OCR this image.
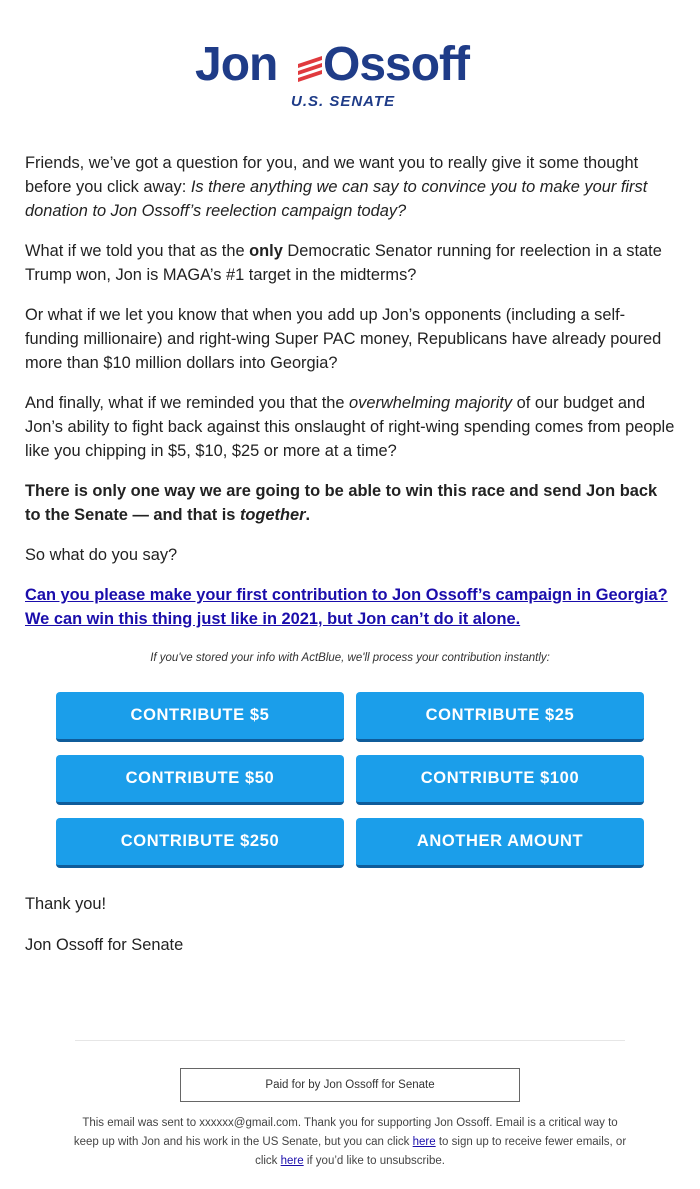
Jon Ossoff
U.S. SENATE

Friends, we’ve got a question for you, and we want you to really give it some thought before you click away: Is there anything we can say to convince you to make your first donation to Jon Ossoff’s reelection campaign today?

What if we told you that as the only Democratic Senator running for reelection in a state Trump won, Jon is MAGA’s #1 target in the midterms?

Or what if we let you know that when you add up Jon’s opponents (including a self-funding millionaire) and right-wing Super PAC money, Republicans have already poured more than $10 million dollars into Georgia?

And finally, what if we reminded you that the overwhelming majority of our budget and Jon’s ability to fight back against this onslaught of right-wing spending comes from people like you chipping in $5, $10, $25 or more at a time?

There is only one way we are going to be able to win this race and send Jon back to the Senate — and that is together.

So what do you say?

Can you please make your first contribution to Jon Ossoff’s campaign in Georgia? We can win this thing just like in 2021, but Jon can’t do it alone.

If you've stored your info with ActBlue, we'll process your contribution instantly:
CONTRIBUTE $5	CONTRIBUTE $25
CONTRIBUTE $50	CONTRIBUTE $100
CONTRIBUTE $250	ANOTHER AMOUNT

Thank you!

Jon Ossoff for Senate

Paid for by Jon Ossoff for Senate
This email was sent to xxxxxx@gmail.com. Thank you for supporting Jon Ossoff. Email is a critical way to keep up with Jon and his work in the US Senate, but you can click here to sign up to receive fewer emails, or click here if you’d like to unsubscribe.
